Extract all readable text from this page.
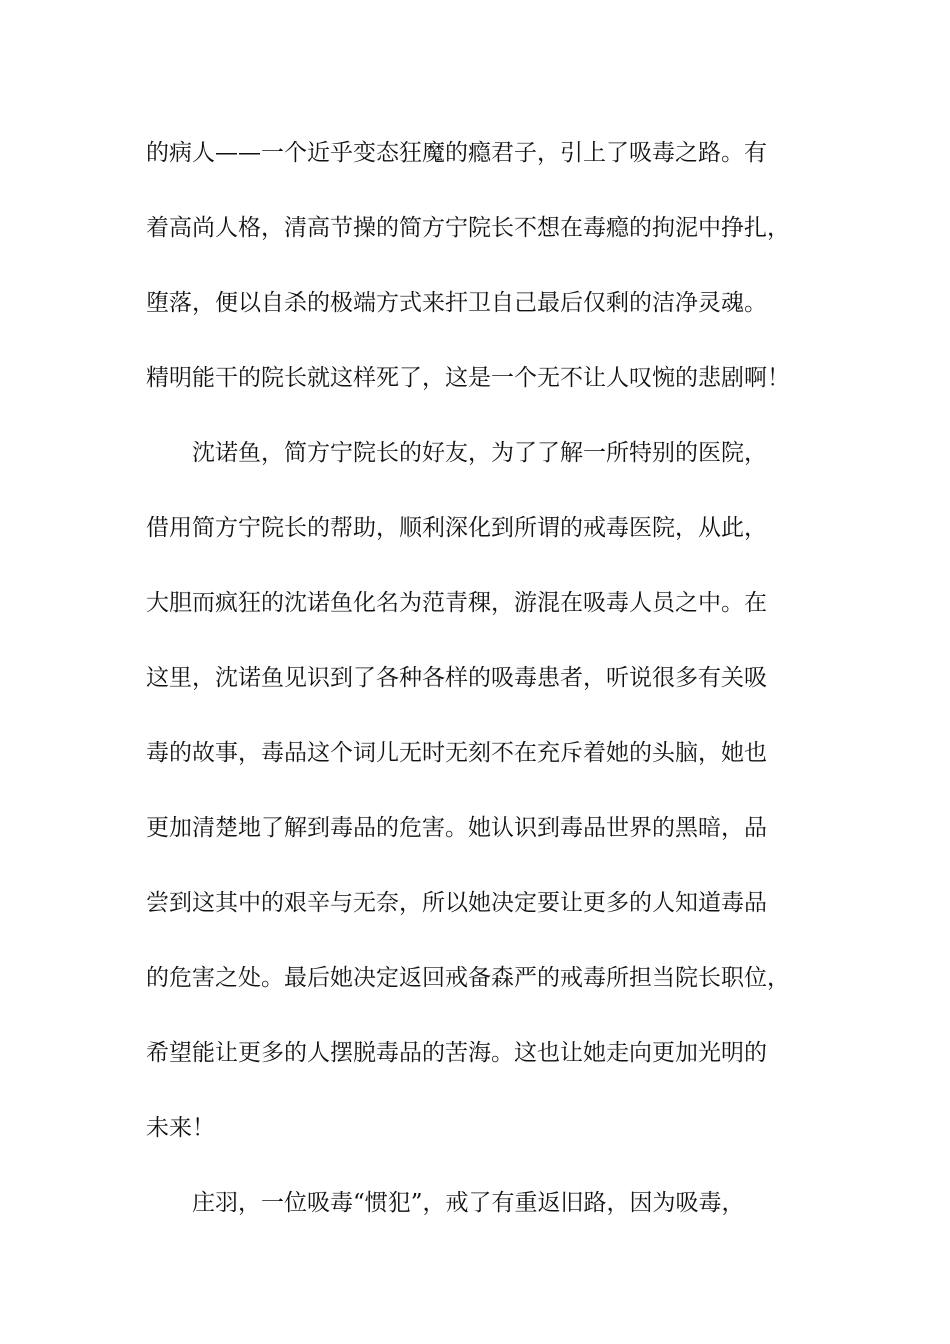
的病人——一个近乎变态狂魔的瘾君子，引上了吸毒之路。有
着高尚人格，清高节操的简方宁院长不想在毒瘾的拘泥中挣扎，
堕落，便以自杀的极端方式来扞卫自己最后仅剩的洁净灵魂。
精明能干的院长就这样死了，这是一个无不让人叹惋的悲剧啊！
沈诺鱼，简方宁院长的好友，为了了解一所特别的医院，
借用简方宁院长的帮助，顺利深化到所谓的戒毒医院，从此，
大胆而疯狂的沈诺鱼化名为范青稞，游混在吸毒人员之中。在
这里，沈诺鱼见识到了各种各样的吸毒患者，听说很多有关吸
毒的故事，毒品这个词儿无时无刻不在充斥着她的头脑，她也
更加清楚地了解到毒品的危害。她认识到毒品世界的黑暗，品
尝到这其中的艰辛与无奈，所以她决定要让更多的人知道毒品
的危害之处。最后她决定返回戒备森严的戒毒所担当院长职位，
希望能让更多的人摆脱毒品的苦海。这也让她走向更加光明的
未来！
庄羽，一位吸毒“惯犯”，戒了有重返旧路，因为吸毒，
